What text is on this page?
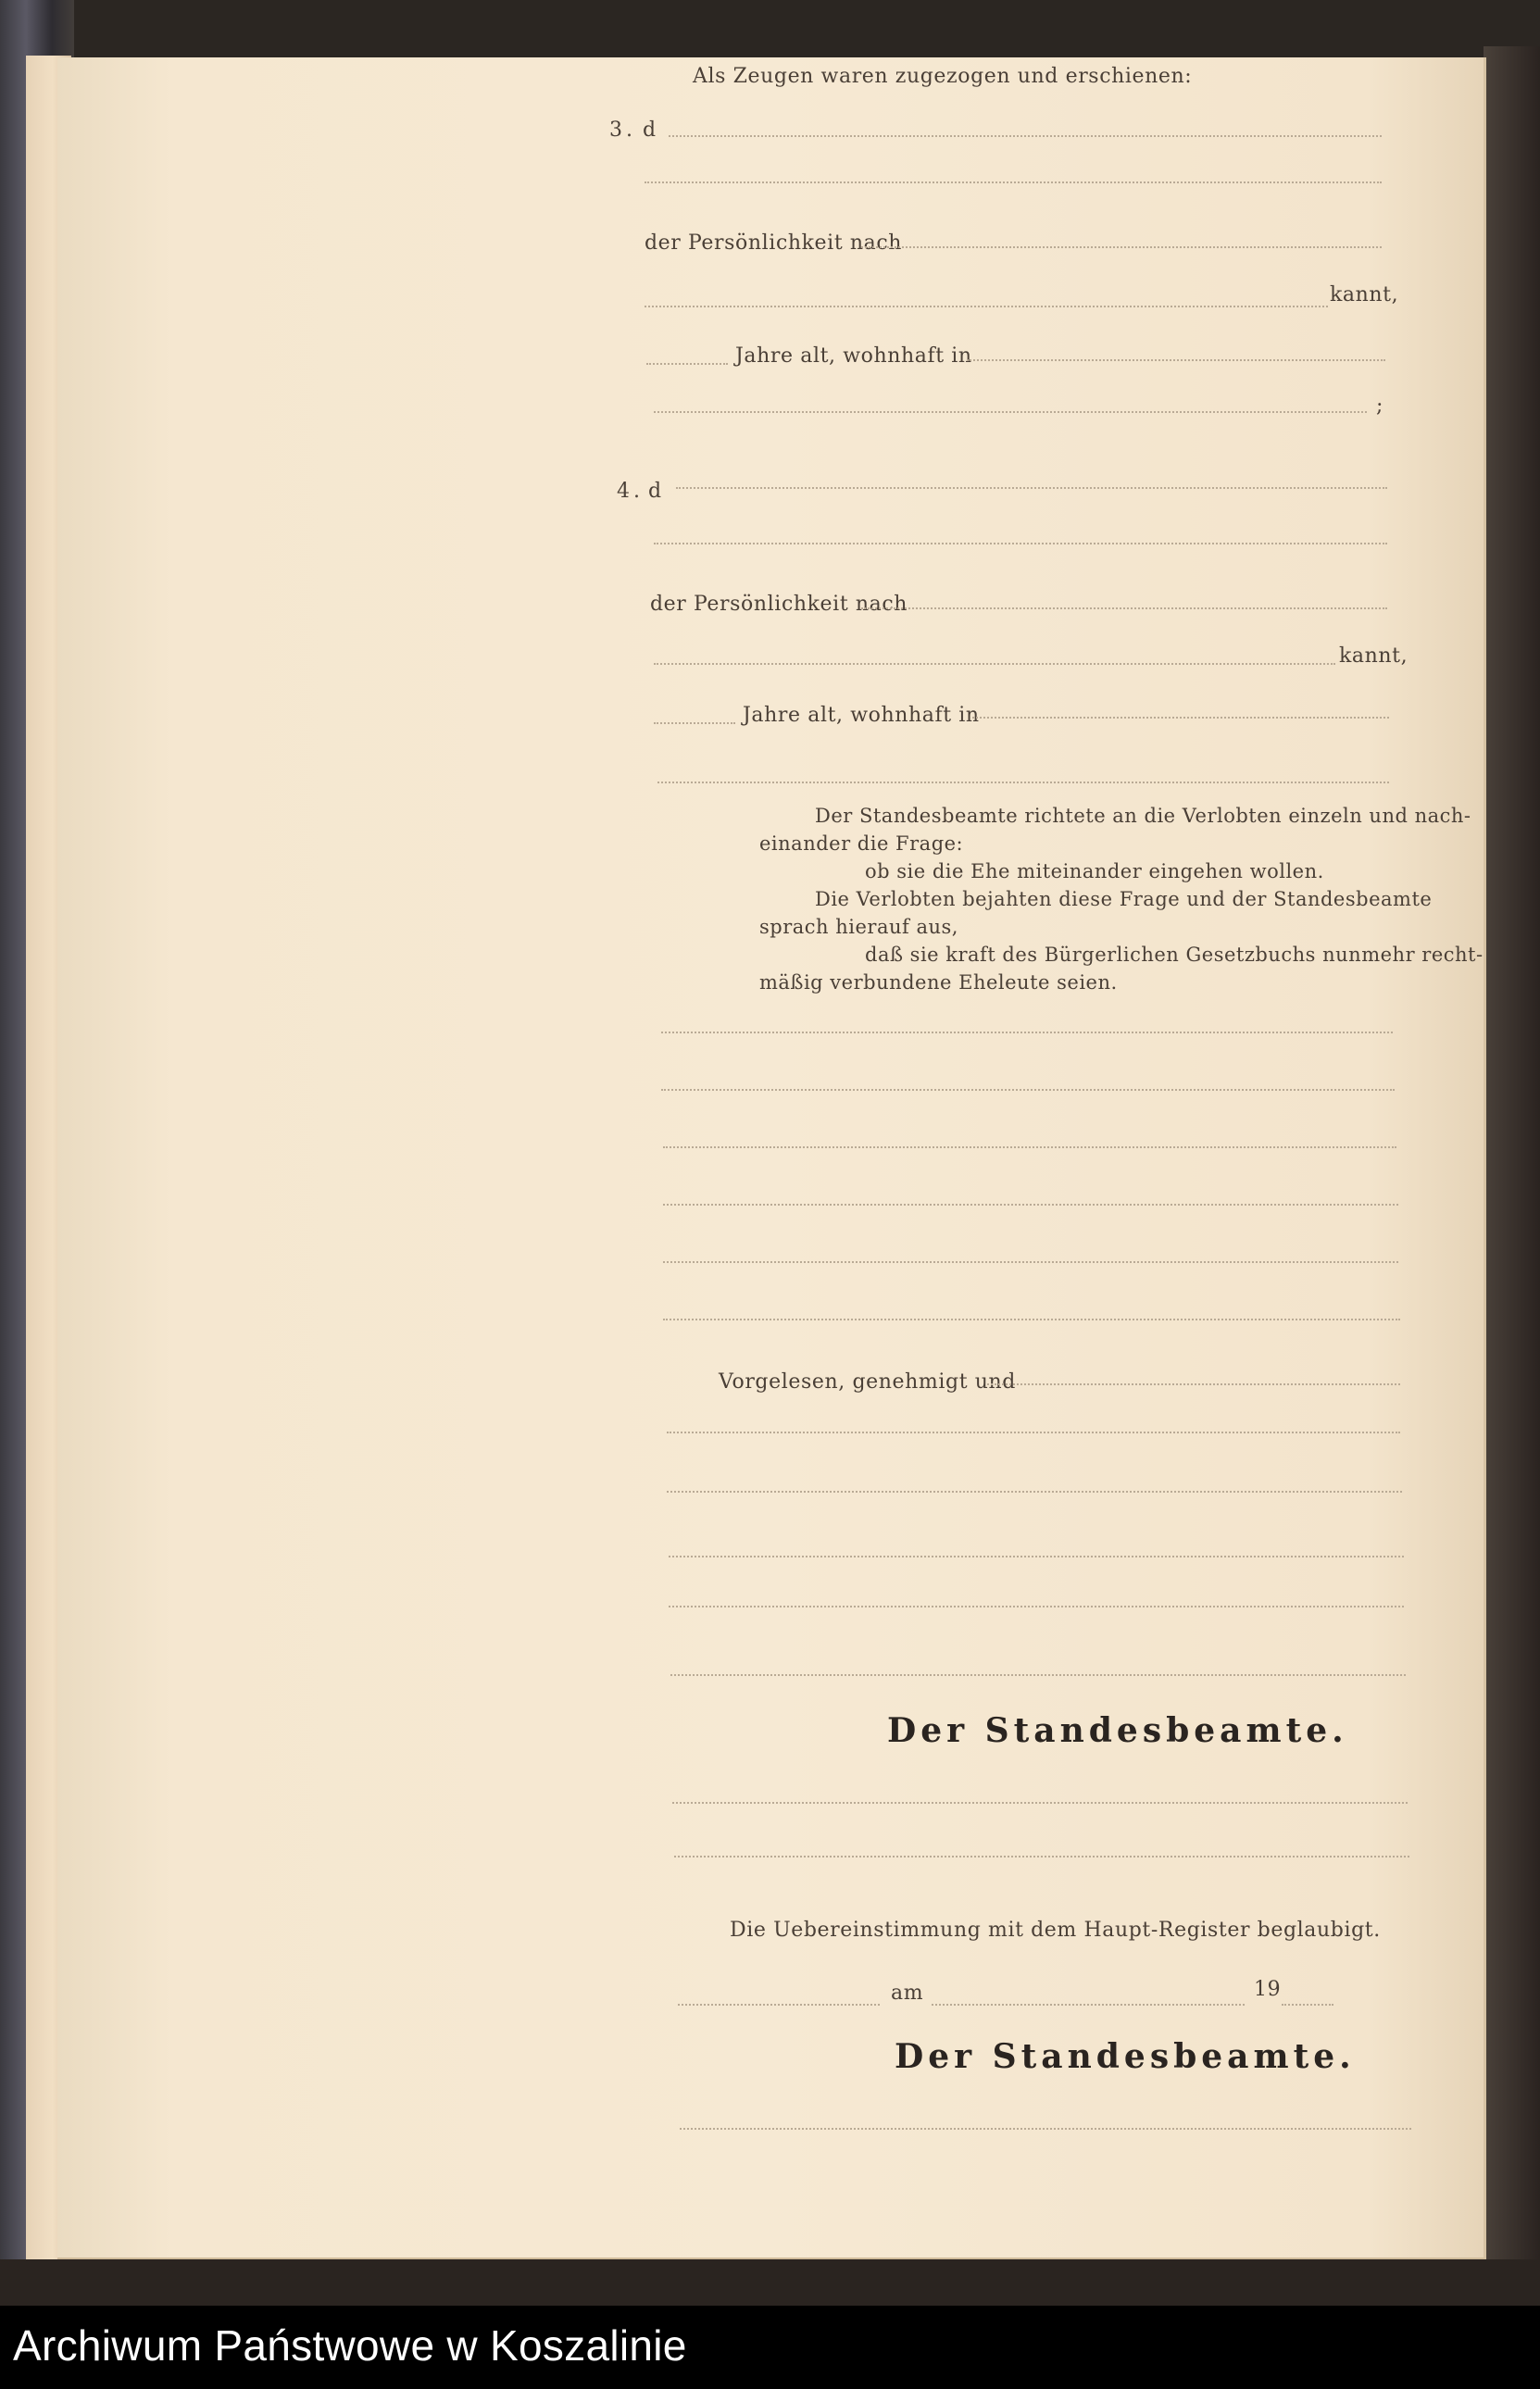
Als Zeugen waren zugezogen und erschienen:
3. d
der Persönlichkeit nach
kannt,
Jahre alt, wohnhaft in
;
4. d
der Persönlichkeit nach
kannt,
Jahre alt, wohnhaft in
Der Standesbeamte richtete an die Verlobten einzeln und nach-
einander die Frage:
ob sie die Ehe miteinander eingehen wollen.
Die Verlobten bejahten diese Frage und der Standesbeamte
sprach hierauf aus,
daß sie kraft des Bürgerlichen Gesetzbuchs nunmehr recht-
mäßig verbundene Eheleute seien.
Vorgelesen, genehmigt und
Der Standesbeamte.
Die Uebereinstimmung mit dem Haupt-Register beglaubigt.
am	19
Der Standesbeamte.
Archiwum Państwowe w Koszalinie
